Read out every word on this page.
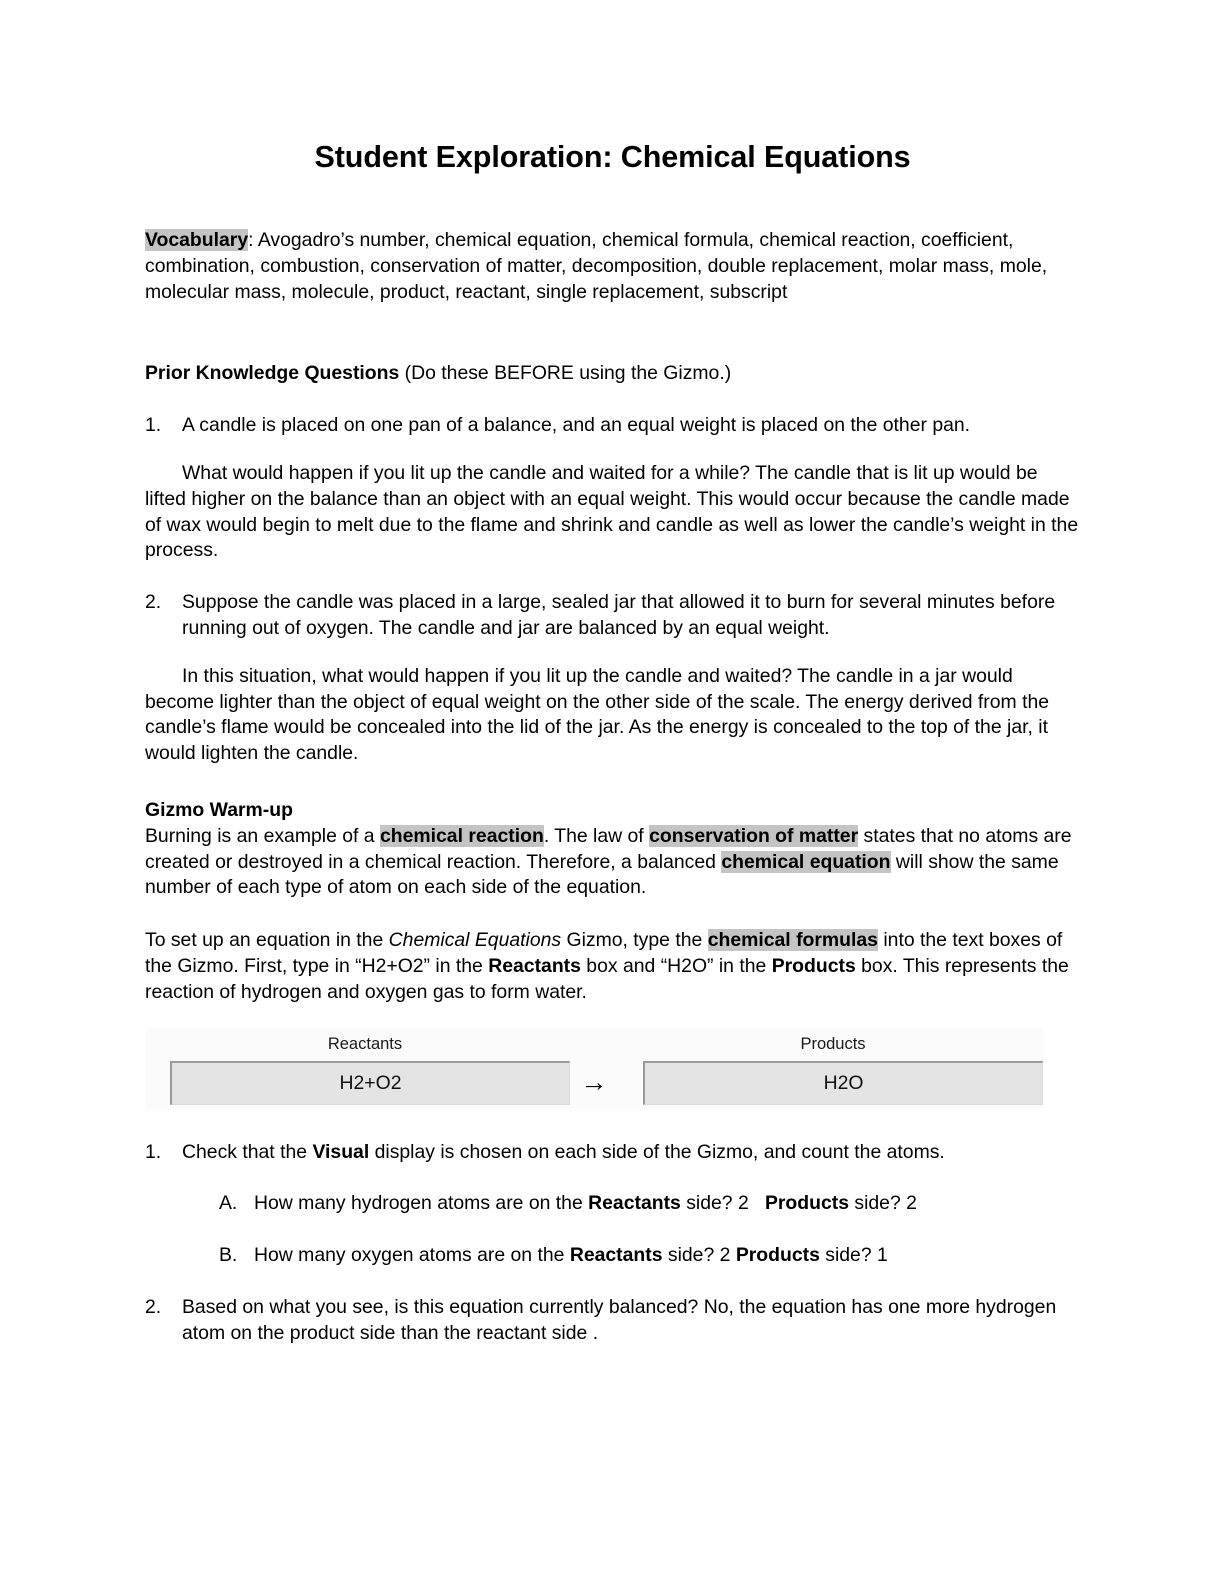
Student Exploration: Chemical Equations
Vocabulary: Avogadro’s number, chemical equation, chemical formula, chemical reaction, coefficient, combination, combustion, conservation of matter, decomposition, double replacement, molar mass, mole, molecular mass, molecule, product, reactant, single replacement, subscript
Prior Knowledge Questions (Do these BEFORE using the Gizmo.)
1.	A candle is placed on one pan of a balance, and an equal weight is placed on the other pan.
What would happen if you lit up the candle and waited for a while? The candle that is lit up would be lifted higher on the balance than an object with an equal weight. This would occur because the candle made of wax would begin to melt due to the flame and shrink and candle as well as lower the candle’s weight in the process.
2.	Suppose the candle was placed in a large, sealed jar that allowed it to burn for several minutes before running out of oxygen. The candle and jar are balanced by an equal weight.
In this situation, what would happen if you lit up the candle and waited? The candle in a jar would become lighter than the object of equal weight on the other side of the scale. The energy derived from the candle’s flame would be concealed into the lid of the jar. As the energy is concealed to the top of the jar, it would lighten the candle.
Gizmo Warm-up
Burning is an example of a chemical reaction. The law of conservation of matter states that no atoms are created or destroyed in a chemical reaction. Therefore, a balanced chemical equation will show the same number of each type of atom on each side of the equation.
To set up an equation in the Chemical Equations Gizmo, type the chemical formulas into the text boxes of the Gizmo. First, type in “H2+O2” in the Reactants box and “H2O” in the Products box. This represents the reaction of hydrogen and oxygen gas to form water.
Reactants	Products
H2+O2	→	H2O
1.	Check that the Visual display is chosen on each side of the Gizmo, and count the atoms.
A. How many hydrogen atoms are on the Reactants side? 2 Products side? 2
B. How many oxygen atoms are on the Reactants side? 2 Products side? 1
2.	Based on what you see, is this equation currently balanced? No, the equation has one more hydrogen atom on the product side than the reactant side .
